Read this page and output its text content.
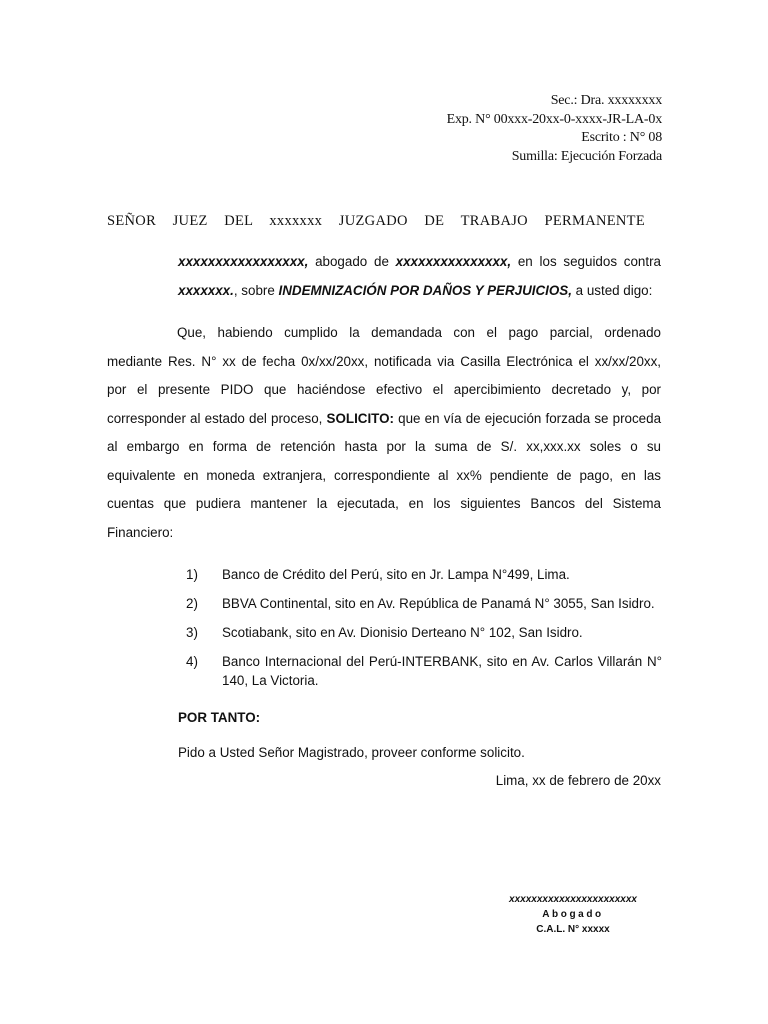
Sec.: Dra. xxxxxxxx
Exp. N° 00xxx-20xx-0-xxxx-JR-LA-0x
Escrito : N° 08
Sumilla: Ejecución Forzada
SEÑOR JUEZ DEL xxxxxxx JUZGADO DE TRABAJO PERMANENTE
xxxxxxxxxxxxxxxxx, abogado de xxxxxxxxxxxxxxx, en los seguidos contra
xxxxxxx., sobre INDEMNIZACIÓN POR DAÑOS Y PERJUICIOS, a usted digo:
Que, habiendo cumplido la demandada con el pago parcial, ordenado
mediante Res. N° xx de fecha 0x/xx/20xx, notificada via Casilla Electrónica el xx/xx/20xx,
por el presente PIDO que haciéndose efectivo el apercibimiento decretado y, por
corresponder al estado del proceso, SOLICITO: que en vía de ejecución forzada se proceda
al embargo en forma de retención hasta por la suma de S/. xx,xxx.xx soles o su
equivalente en moneda extranjera, correspondiente al xx% pendiente de pago, en las
cuentas que pudiera mantener la ejecutada, en los siguientes Bancos del Sistema
Financiero:
1) Banco de Crédito del Perú, sito en Jr. Lampa N°499, Lima.
2) BBVA Continental, sito en Av. República de Panamá N° 3055, San Isidro.
3) Scotiabank, sito en Av. Dionisio Derteano N° 102, San Isidro.
4) Banco Internacional del Perú-INTERBANK, sito en Av. Carlos Villarán N°
140, La Victoria.
POR TANTO:
Pido a Usted Señor Magistrado, proveer conforme solicito.
Lima, xx de febrero de 20xx
xxxxxxxxxxxxxxxxxxxxxxx
Abogado
C.A.L. N° xxxxx
